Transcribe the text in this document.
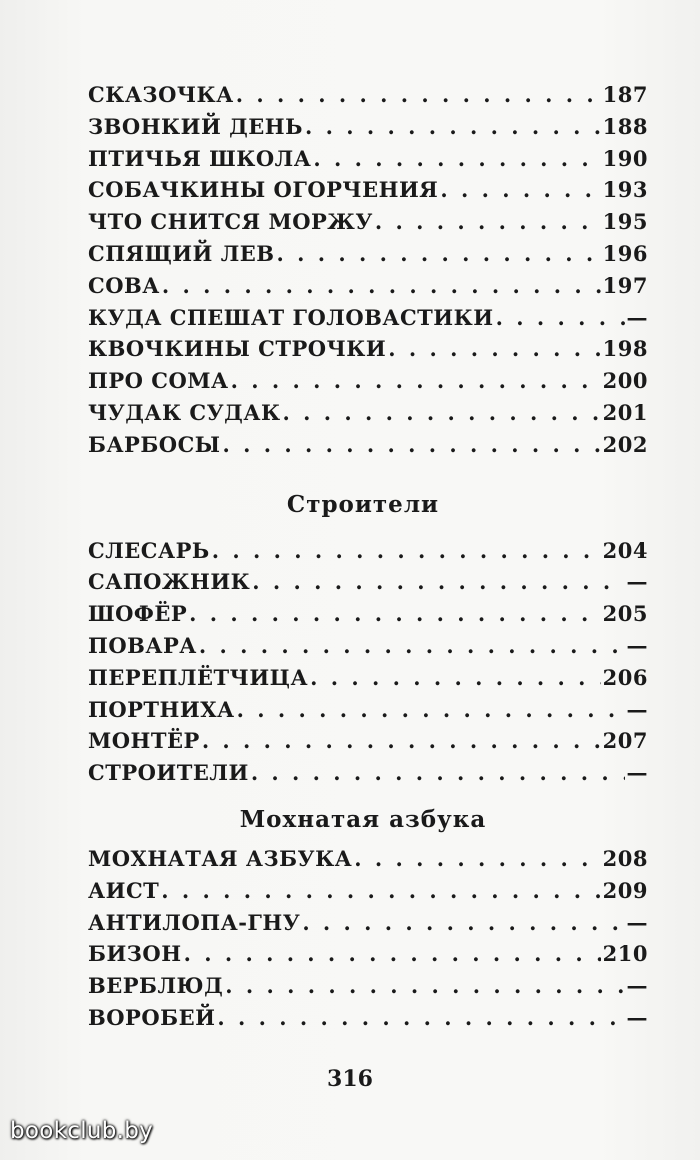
СКАЗОЧКА . . .	187
ЗВОНКИЙ ДЕНЬ . . .	188
ПТИЧЬЯ ШКОЛА . . .	190
СОБАЧКИНЫ ОГОРЧЕНИЯ . . .	193
ЧТО СНИТСЯ МОРЖУ . . .	195
СПЯЩИЙ ЛЕВ . . .	196
СОВА . . .	197
КУДА СПЕШАТ ГОЛОВАСТИКИ . . .	—
КВОЧКИНЫ СТРОЧКИ . . .	198
ПРО СОМА . . .	200
ЧУДАК СУДАК . . .	201
БАРБОСЫ . . .	202
Строители
СЛЕСАРЬ . . .	204
САПОЖНИК . . .	—
ШОФЁР . . .	205
ПОВАРА . . .	—
ПЕРЕПЛЁТЧИЦА . . .	206
ПОРТНИХА . . .	—
МОНТЁР . . .	207
СТРОИТЕЛИ . . .	—
Мохнатая азбука
МОХНАТАЯ АЗБУКА . . .	208
АИСТ . . .	209
АНТИЛОПА-ГНУ . . .	—
БИЗОН . . .	210
ВЕРБЛЮД . . .	—
ВОРОБЕЙ . . .	—
316
bookclub.by
